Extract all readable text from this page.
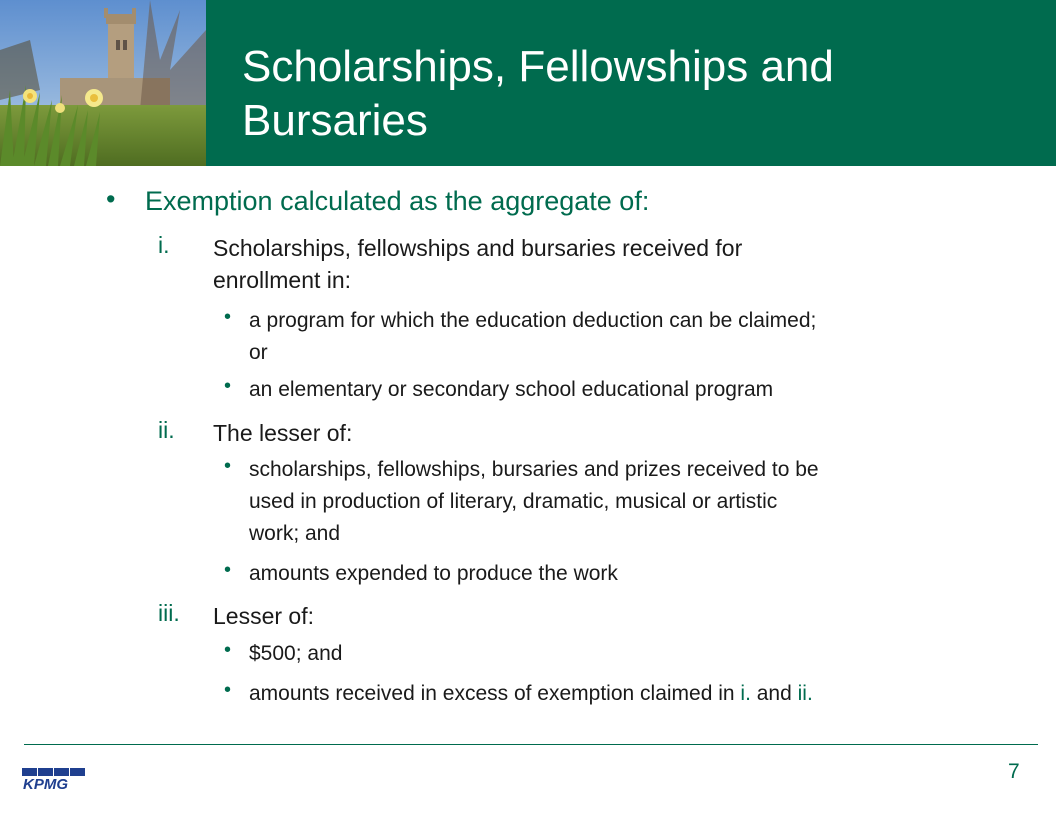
Scholarships, Fellowships and Bursaries
• Exemption calculated as the aggregate of:
i. Scholarships, fellowships and bursaries received for
enrollment in:
• a program for which the education deduction can be claimed;
or
• an elementary or secondary school educational program
ii. The lesser of:
• scholarships, fellowships, bursaries and prizes received to be
used in production of literary, dramatic, musical or artistic
work; and
• amounts expended to produce the work
iii. Lesser of:
• $500; and
• amounts received in excess of exemption claimed in i. and ii.
KPMG
7
